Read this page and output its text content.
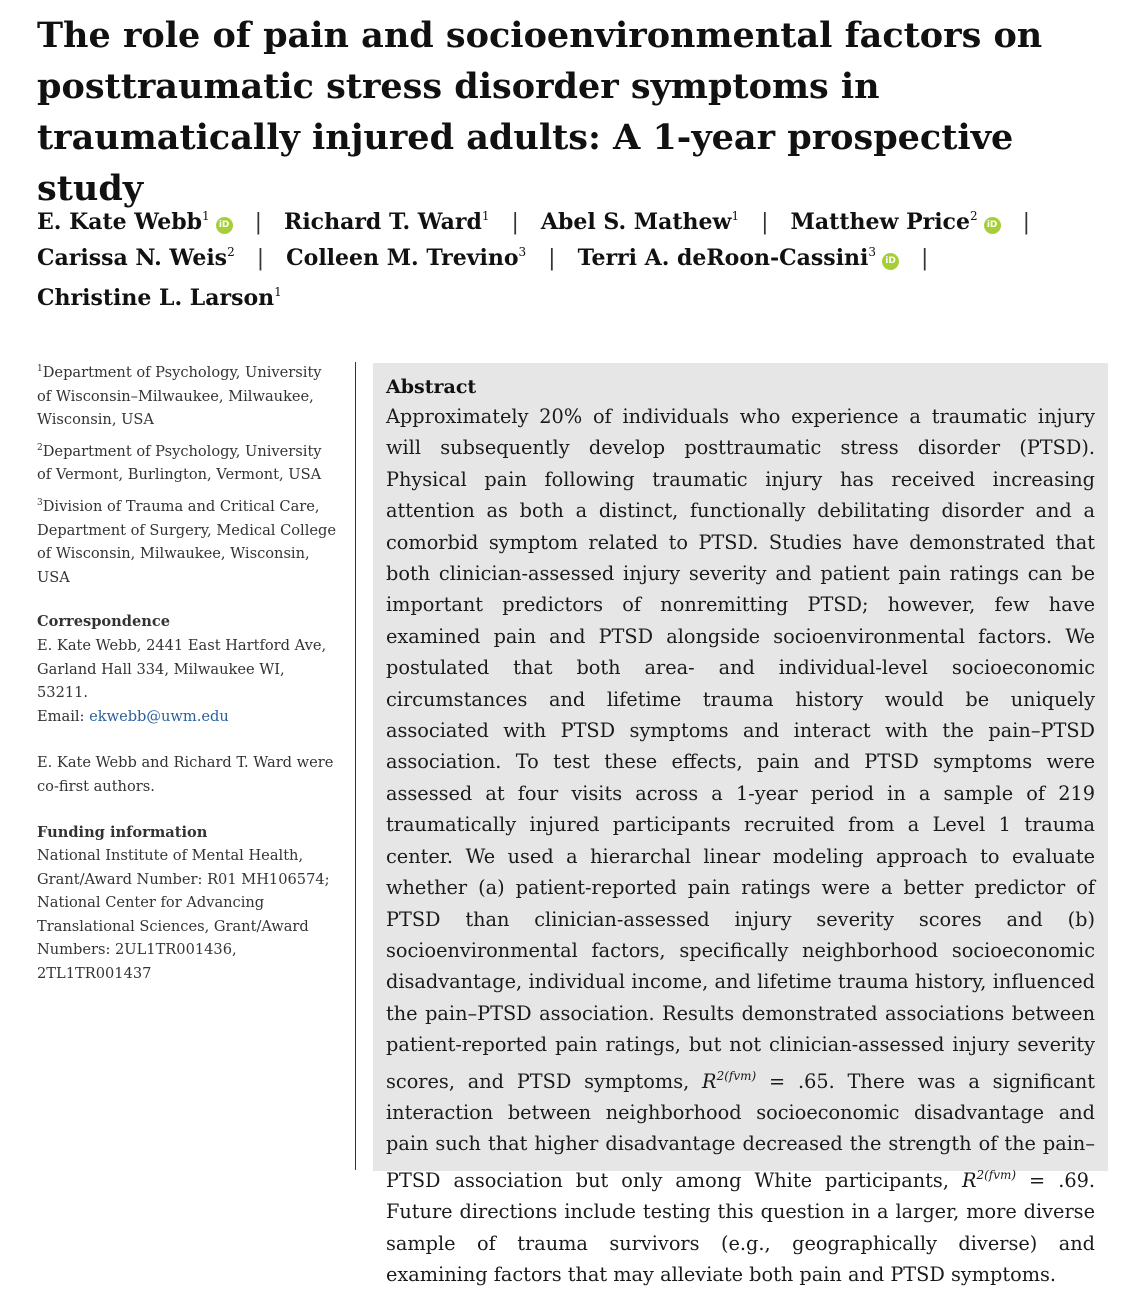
The role of pain and socioenvironmental factors on posttraumatic stress disorder symptoms in traumatically injured adults: A 1-year prospective study
E. Kate Webb$^1$iD | Richard T. Ward$^1$ | Abel S. Mathew$^1$ | Matthew Price$^2$iD |
Carissa N. Weis$^2$ | Colleen M. Trevino$^3$ | Terri A. deRoon-Cassini$^3$iD |
Christine L. Larson$^1$

$^1$Department of Psychology, University of Wisconsin–Milwaukee, Milwaukee, Wisconsin, USA

$^2$Department of Psychology, University of Vermont, Burlington, Vermont, USA

$^3$Division of Trauma and Critical Care, Department of Surgery, Medical College of Wisconsin, Milwaukee, Wisconsin, USA

Correspondence

E. Kate Webb, 2441 East Hartford Ave, Garland Hall 334, Milwaukee WI, 53211.

Email: ekwebb@uwm.edu

E. Kate Webb and Richard T. Ward were co-first authors.

Funding information

National Institute of Mental Health, Grant/Award Number: R01 MH106574; National Center for Advancing Translational Sciences, Grant/Award Numbers: 2UL1TR001436, 2TL1TR001437

Abstract

Approximately 20% of individuals who experience a traumatic injury will subsequently develop posttraumatic stress disorder (PTSD). Physical pain following traumatic injury has received increasing attention as both a distinct, functionally debilitating disorder and a comorbid symptom related to PTSD. Studies have demonstrated that both clinician-assessed injury severity and patient pain ratings can be important predictors of nonremitting PTSD; however, few have examined pain and PTSD alongside socioenvironmental factors. We postulated that both area- and individual-level socioeconomic circumstances and lifetime trauma history would be uniquely associated with PTSD symptoms and interact with the pain–PTSD association. To test these effects, pain and PTSD symptoms were assessed at four visits across a 1-year period in a sample of 219 traumatically injured participants recruited from a Level 1 trauma center. We used a hierarchal linear modeling approach to evaluate whether (a) patient-reported pain ratings were a better predictor of PTSD than clinician-assessed injury severity scores and (b) socioenvironmental factors, specifically neighborhood socioeconomic disadvantage, individual income, and lifetime trauma history, influenced the pain–PTSD association. Results demonstrated associations between patient-reported pain ratings, but not clinician-assessed injury severity scores, and PTSD symptoms, $R^{2(fvm)} = .65$. There was a significant interaction between neighborhood socioeconomic disadvantage and pain such that higher disadvantage decreased the strength of the pain–PTSD association but only among White participants, $R^{2(fvm)} = .69$. Future directions include testing this question in a larger, more diverse sample of trauma survivors (e.g., geographically diverse) and examining factors that may alleviate both pain and PTSD symptoms.
